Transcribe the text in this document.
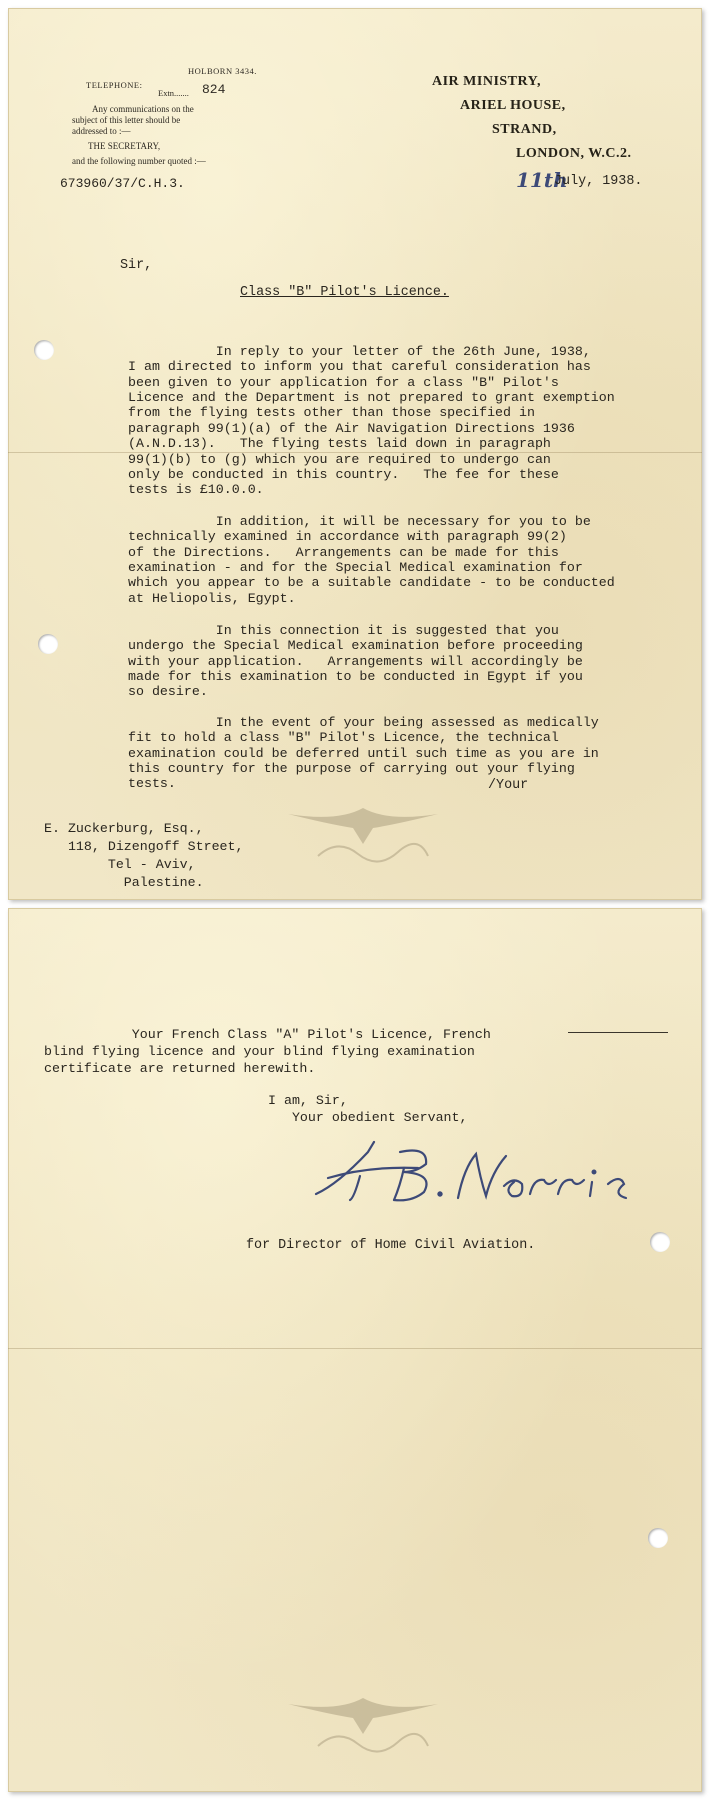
HOLBORN 3434.
TELEPHONE:
Extn....... 824
Any communications on the
subject of this letter should be
addressed to :—
THE SECRETARY,
and the following number quoted :—
673960/37/C.H.3.
AIR MINISTRY,
ARIEL HOUSE,
STRAND,
LONDON, W.C.2.
11th
July, 1938.
Sir,
Class "B" Pilot's Licence.

In reply to your letter of the 26th June, 1938,
I am directed to inform you that careful consideration has
been given to your application for a class "B" Pilot's
Licence and the Department is not prepared to grant exemption
from the flying tests other than those specified in
paragraph 99(1)(a) of the Air Navigation Directions 1936
(A.N.D.13).   The flying tests laid down in paragraph
99(1)(b) to (g) which you are required to undergo can
only be conducted in this country.   The fee for these
tests is £10.0.0.

In addition, it will be necessary for you to be
technically examined in accordance with paragraph 99(2)
of the Directions.   Arrangements can be made for this
examination - and for the Special Medical examination for
which you appear to be a suitable candidate - to be conducted
at Heliopolis, Egypt.

In this connection it is suggested that you
undergo the Special Medical examination before proceeding
with your application.   Arrangements will accordingly be
made for this examination to be conducted in Egypt if you
so desire.

In the event of your being assessed as medically
fit to hold a class "B" Pilot's Licence, the technical
examination could be deferred until such time as you are in
this country for the purpose of carrying out your flying
tests.

E. Zuckerburg, Esq.,
118, Dizengoff Street,
Tel - Aviv,
Palestine.

/Your

Your French Class "A" Pilot's Licence, French
blind flying licence and your blind flying examination
certificate are returned herewith.

I am, Sir,
Your obedient Servant,

for Director of Home Civil Aviation.
